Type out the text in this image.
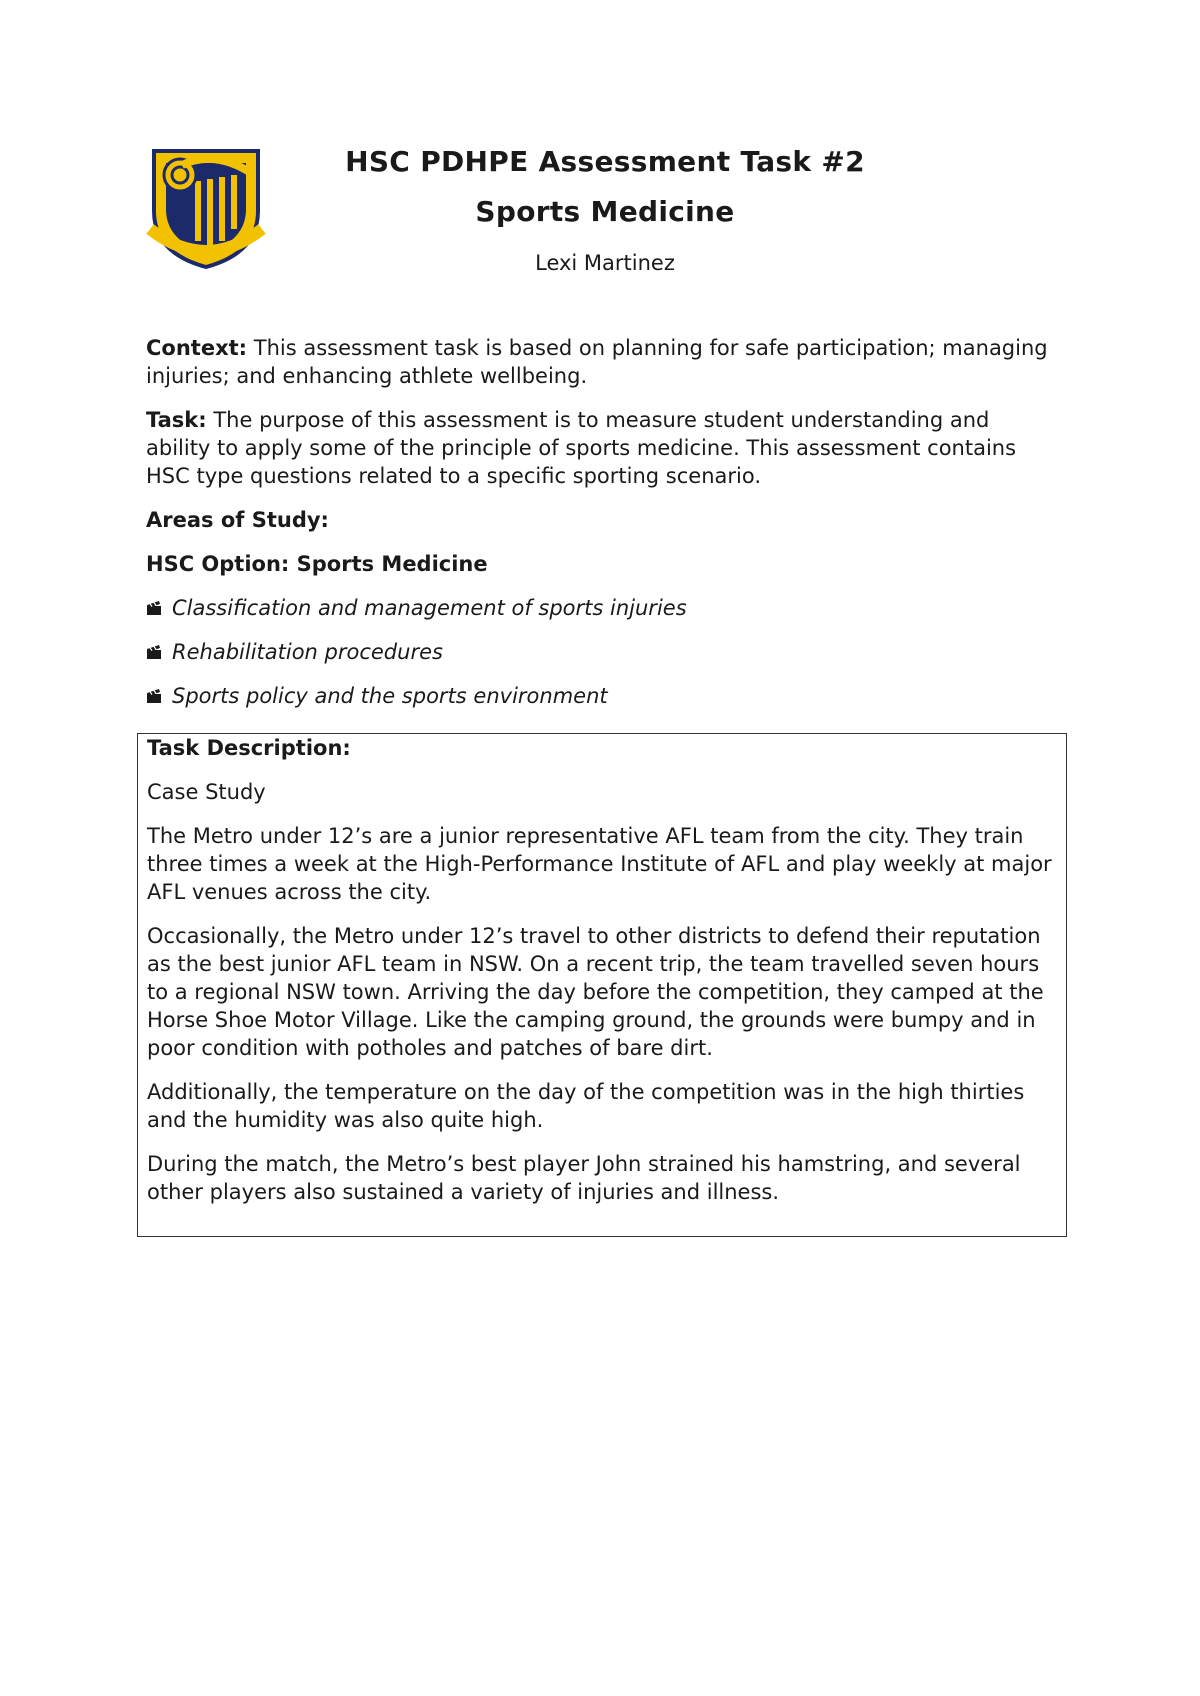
HSC PDHPE Assessment Task #2
Sports Medicine
Lexi Martinez

Context: This assessment task is based on planning for safe participation; managing injuries; and enhancing athlete wellbeing.

Task: The purpose of this assessment is to measure student understanding and ability to apply some of the principle of sports medicine. This assessment contains HSC type questions related to a specific sporting scenario.

Areas of Study:
HSC Option: Sports Medicine
Classification and management of sports injuries
Rehabilitation procedures
Sports policy and the sports environment

Task Description:

Case Study

The Metro under 12’s are a junior representative AFL team from the city. They train three times a week at the High-Performance Institute of AFL and play weekly at major AFL venues across the city.

Occasionally, the Metro under 12’s travel to other districts to defend their reputation as the best junior AFL team in NSW. On a recent trip, the team travelled seven hours to a regional NSW town. Arriving the day before the competition, they camped at the Horse Shoe Motor Village. Like the camping ground, the grounds were bumpy and in poor condition with potholes and patches of bare dirt.

Additionally, the temperature on the day of the competition was in the high thirties and the humidity was also quite high.

During the match, the Metro’s best player John strained his hamstring, and several other players also sustained a variety of injuries and illness.
